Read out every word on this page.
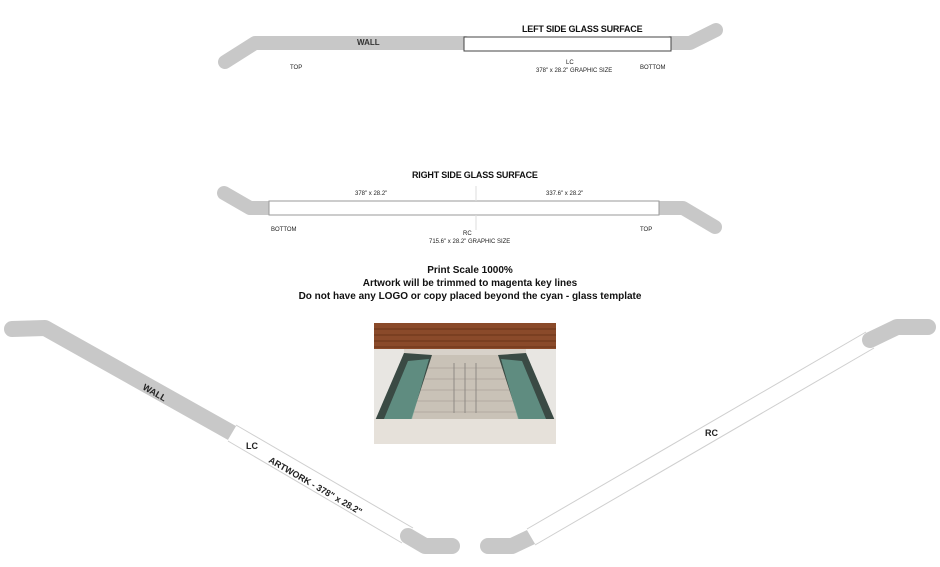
LEFT SIDE GLASS SURFACE
WALL
TOP	BOTTOM
LC
378" x 28.2" GRAPHIC SIZE
RIGHT SIDE GLASS SURFACE
378" x 28.2"	337.6" x 28.2"
BOTTOM	TOP
RC
715.6" x 28.2" GRAPHIC SIZE
Print Scale 1000%
Artwork will be trimmed to magenta key lines
Do not have any LOGO or copy placed beyond the cyan - glass template
WALL
LC
ARTWORK - 378" x 28.2"
RC
